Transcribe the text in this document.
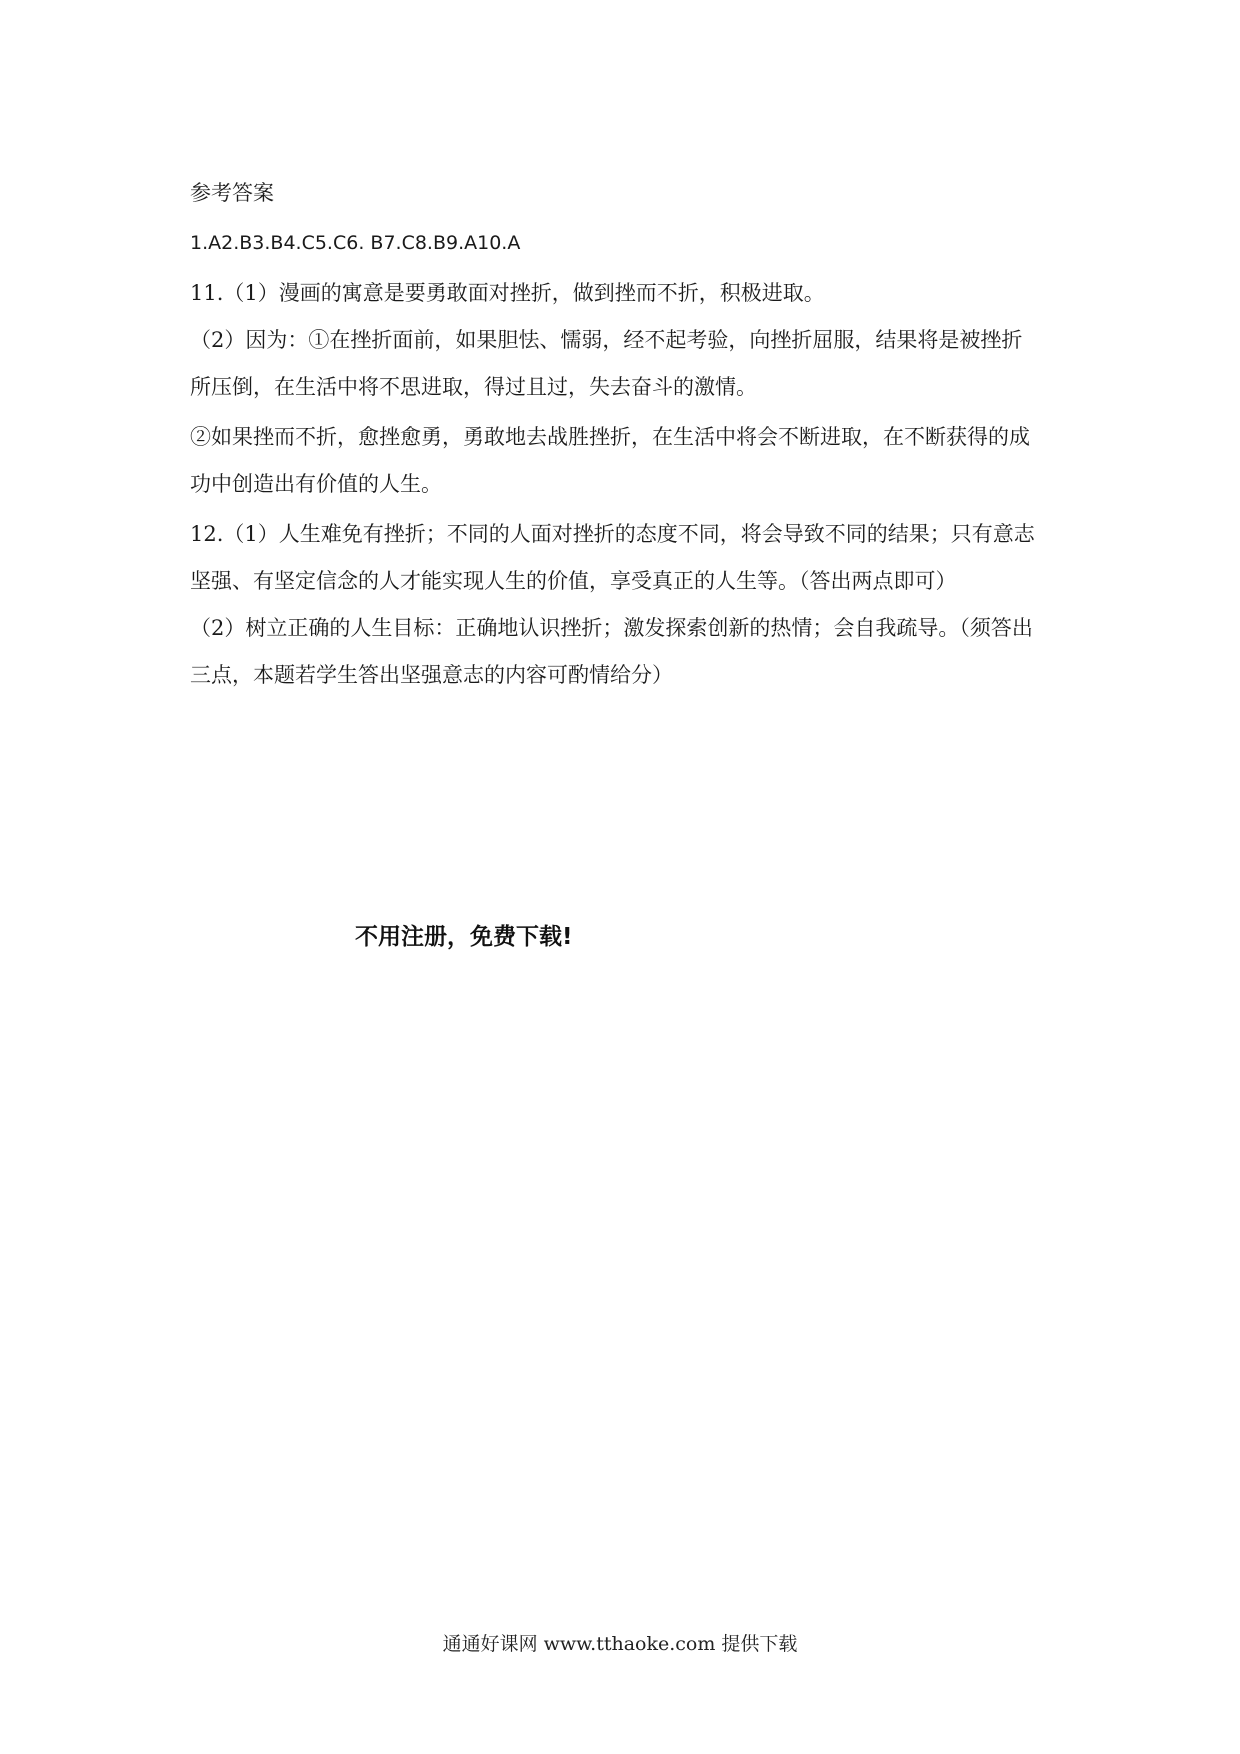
参考答案

1.A2.B3.B4.C5.C6. B7.C8.B9.A10.A

11.（1）漫画的寓意是要勇敢面对挫折，做到挫而不折，积极进取。

（2）因为：①在挫折面前，如果胆怯、懦弱，经不起考验，向挫折屈服，结果将是被挫折

所压倒，在生活中将不思进取，得过且过，失去奋斗的激情。

②如果挫而不折，愈挫愈勇，勇敢地去战胜挫折，在生活中将会不断进取，在不断获得的成

功中创造出有价值的人生。

12.（1）人生难免有挫折；不同的人面对挫折的态度不同，将会导致不同的结果；只有意志

坚强、有坚定信念的人才能实现人生的价值，享受真正的人生等。（答出两点即可）

（2）树立正确的人生目标：正确地认识挫折；激发探索创新的热情；会自我疏导。（须答出

三点，本题若学生答出坚强意志的内容可酌情给分）

不用注册，免费下载!
通通好课网 www.tthaoke.com 提供下载
